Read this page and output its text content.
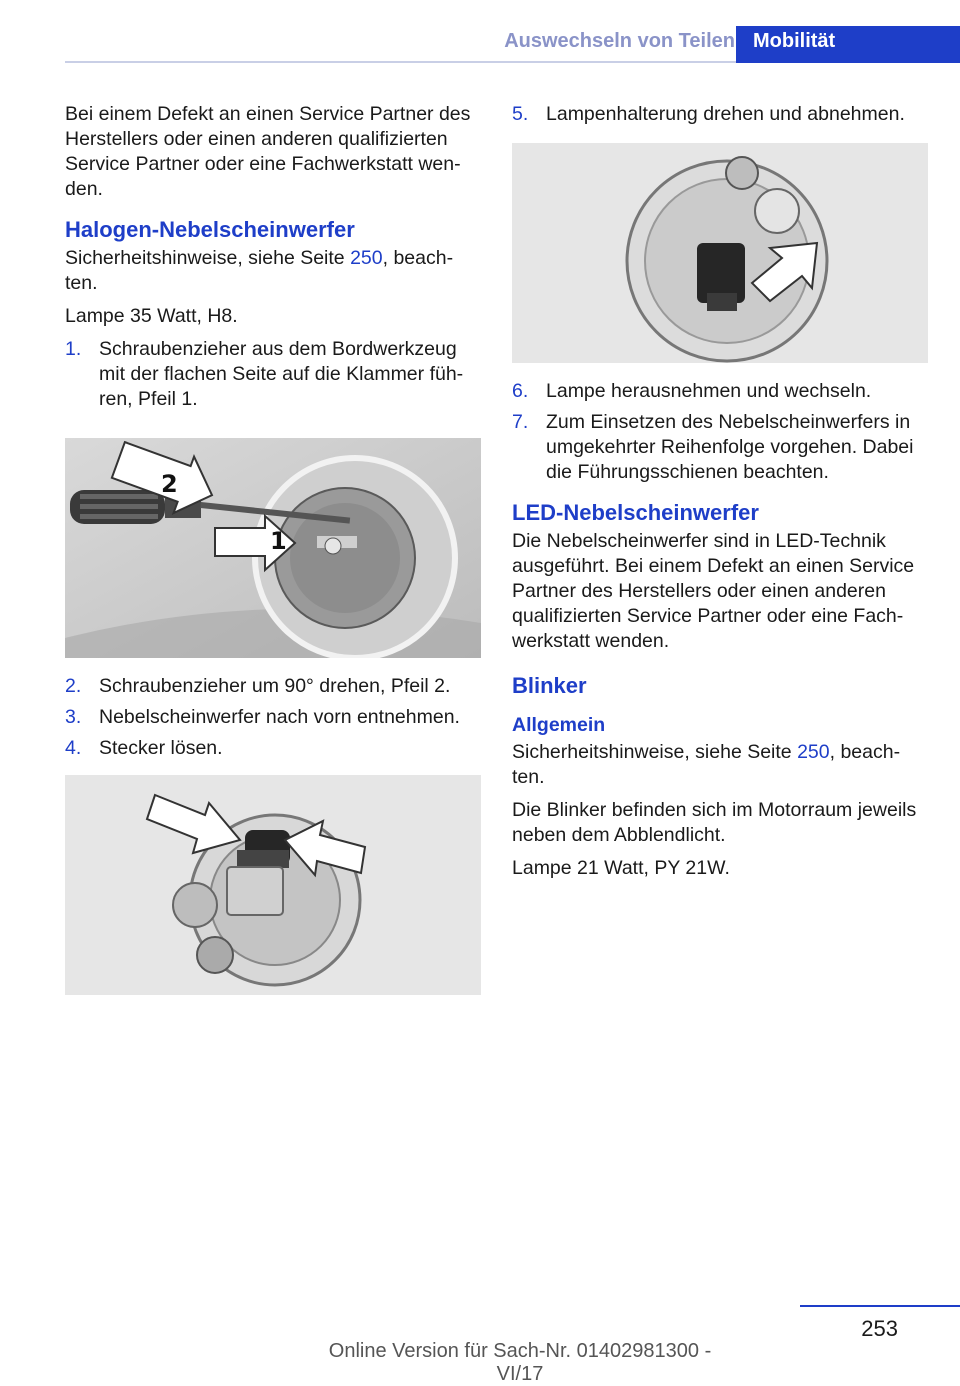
Auswechseln von Teilen Mobilität

Bei einem Defekt an einen Service Partner des Herstellers oder einen anderen qualifizierten Service Partner oder eine Fachwerkstatt wen-den.

Halogen-Nebelscheinwerfer

Sicherheitshinweise, siehe Seite 250, beach-ten.

Lampe 35 Watt, H8.

1. Schraubenzieher aus dem Bordwerkzeug mit der flachen Seite auf die Klammer füh-ren, Pfeil 1.
1
2
2. Schraubenzieher um 90° drehen, Pfeil 2.
3. Nebelscheinwerfer nach vorn entnehmen.
4. Stecker lösen.
5. Lampenhalterung drehen und abnehmen.
6. Lampe herausnehmen und wechseln.
7. Zum Einsetzen des Nebelscheinwerfers in umgekehrter Reihenfolge vorgehen. Dabei die Führungsschienen beachten.
LED-Nebelscheinwerfer

Die Nebelscheinwerfer sind in LED-Technik ausgeführt. Bei einem Defekt an einen Service Partner des Herstellers oder einen anderen qualifizierten Service Partner oder eine Fach-werkstatt wenden.

Blinker
Allgemein

Sicherheitshinweise, siehe Seite 250, beach-ten.

Die Blinker befinden sich im Motorraum jeweils neben dem Abblendlicht.

Lampe 21 Watt, PY 21W.

253
Online Version für Sach-Nr. 01402981300 - VI/17
